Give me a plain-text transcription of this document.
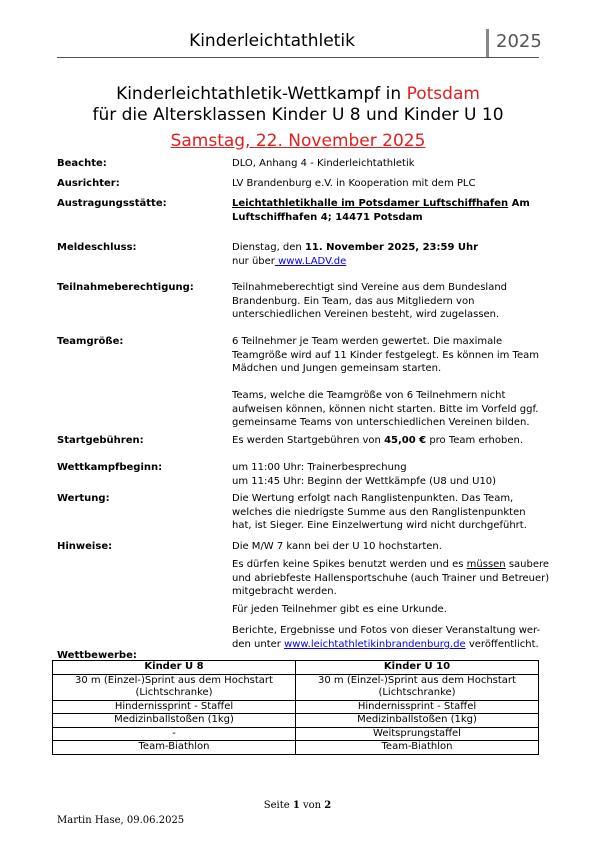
Kinderleichtathletik	2025
Kinderleichtathletik-Wettkampf in Potsdam
für die Altersklassen Kinder U 8 und Kinder U 10
Samstag, 22. November 2025
Beachte:	DLO, Anhang 4 - Kinderleichtathletik
Ausrichter:	LV Brandenburg e.V. in Kooperation mit dem PLC
Austragungsstätte:	Leichtathletikhalle im Potsdamer Luftschiffhafen Am Luftschiffhafen 4; 14471 Potsdam
Meldeschluss:	Dienstag, den 11. November 2025, 23:59 Uhr
nur über www.LADV.de
Teilnahmeberechtigung:	Teilnahmeberechtigt sind Vereine aus dem Bundesland Brandenburg. Ein Team, das aus Mitgliedern von unterschiedlichen Vereinen besteht, wird zugelassen.
Teamgröße:	6 Teilnehmer je Team werden gewertet. Die maximale Teamgröße wird auf 11 Kinder festgelegt. Es können im Team Mädchen und Jungen gemeinsam starten.
Teams, welche die Teamgröße von 6 Teilnehmern nicht aufweisen können, können nicht starten. Bitte im Vorfeld ggf. gemeinsame Teams von unterschiedlichen Vereinen bilden.
Startgebühren:	Es werden Startgebühren von 45,00 € pro Team erhoben.
Wettkampfbeginn:	um 11:00 Uhr: Trainerbesprechung
um 11:45 Uhr: Beginn der Wettkämpfe (U8 und U10)
Wertung:	Die Wertung erfolgt nach Ranglistenpunkten. Das Team, welches die niedrigste Summe aus den Ranglistenpunkten hat, ist Sieger. Eine Einzelwertung wird nicht durchgeführt.
Hinweise:	Die M/W 7 kann bei der U 10 hochstarten.
Es dürfen keine Spikes benutzt werden und es müssen saubere und abriebfeste Hallensportschuhe (auch Trainer und Betreuer) mitgebracht werden.
Für jeden Teilnehmer gibt es eine Urkunde.
Berichte, Ergebnisse und Fotos von dieser Veranstaltung wer-den unter www.leichtathletikinbrandenburg.de veröffentlicht.
Wettbewerbe:
Kinder U 8	Kinder U 10
30 m (Einzel-)Sprint aus dem Hochstart (Lichtschranke)	30 m (Einzel-)Sprint aus dem Hochstart (Lichtschranke)
Hindernissprint - Staffel	Hindernissprint - Staffel
Medizinballstoßen (1kg)	Medizinballstoßen (1kg)
-	Weitsprungstaffel
Team-Biathlon	Team-Biathlon
Seite 1 von 2
Martin Hase, 09.06.2025
